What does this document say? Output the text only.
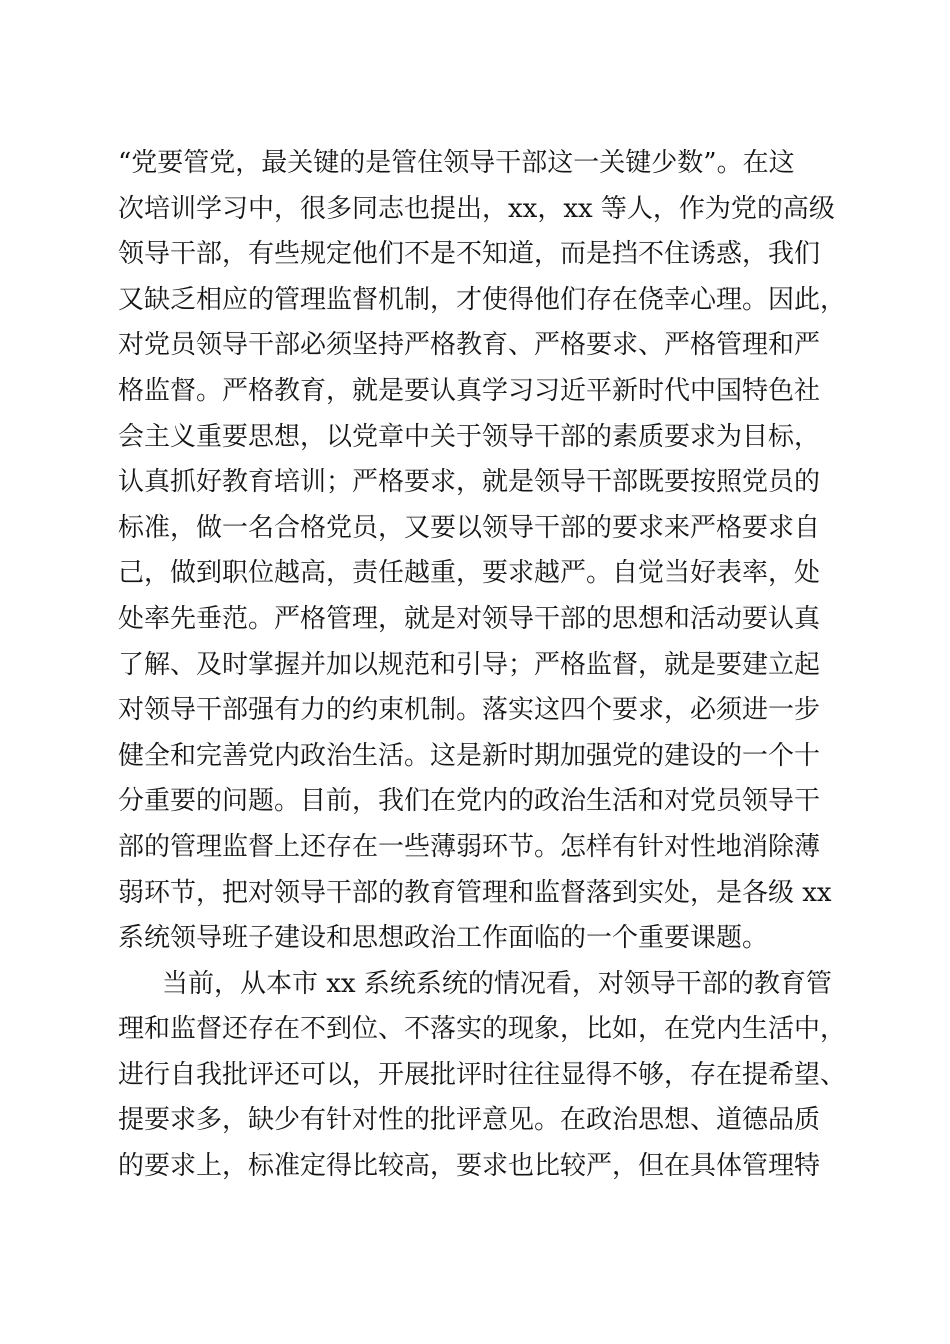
“党要管党，最关键的是管住领导干部这一关键少数”。在这
次培训学习中，很多同志也提出，xx，xx 等人，作为党的高级
领导干部，有些规定他们不是不知道，而是挡不住诱惑，我们
又缺乏相应的管理监督机制，才使得他们存在侥幸心理。因此，
对党员领导干部必须坚持严格教育、严格要求、严格管理和严
格监督。严格教育，就是要认真学习习近平新时代中国特色社
会主义重要思想，以党章中关于领导干部的素质要求为目标，
认真抓好教育培训；严格要求，就是领导干部既要按照党员的
标准，做一名合格党员，又要以领导干部的要求来严格要求自
己，做到职位越高，责任越重，要求越严。自觉当好表率，处
处率先垂范。严格管理，就是对领导干部的思想和活动要认真
了解、及时掌握并加以规范和引导；严格监督，就是要建立起
对领导干部强有力的约束机制。落实这四个要求，必须进一步
健全和完善党内政治生活。这是新时期加强党的建设的一个十
分重要的问题。目前，我们在党内的政治生活和对党员领导干
部的管理监督上还存在一些薄弱环节。怎样有针对性地消除薄
弱环节，把对领导干部的教育管理和监督落到实处，是各级 xx
系统领导班子建设和思想政治工作面临的一个重要课题。
当前，从本市 xx 系统系统的情况看，对领导干部的教育管
理和监督还存在不到位、不落实的现象，比如，在党内生活中，
进行自我批评还可以，开展批评时往往显得不够，存在提希望、
提要求多，缺少有针对性的批评意见。在政治思想、道德品质
的要求上，标准定得比较高，要求也比较严，但在具体管理特
